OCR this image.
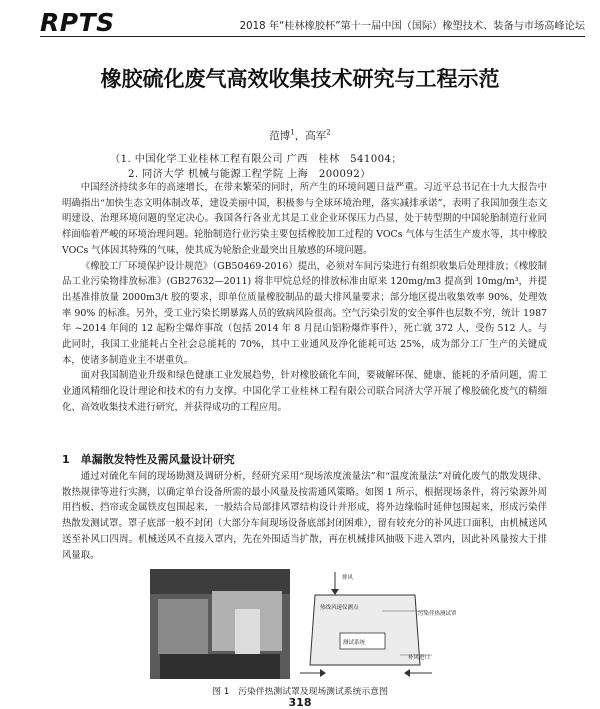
RPTS	2018 年“桂林橡胶杯”第十一届中国（国际）橡塑技术、装备与市场高峰论坛
橡胶硫化废气高效收集技术研究与工程示范
范博$^1$，高军$^2$
（1. 中国化学工业桂林工程有限公司 广西　桂林　541004；
2. 同济大学 机械与能源工程学院 上海　200092）

中国经济持续多年的高速增长，在带来繁荣的同时，所产生的环境问题日益严重。习近平总书记在十九大报告中明确指出“加快生态文明体制改革，建设美丽中国，积极参与全球环境治理，落实减排承诺”，表明了我国加强生态文明建设、治理环境问题的坚定决心。我国各行各业尤其是工业企业环保压力凸显，处于转型期的中国轮胎制造行业同样面临着严峻的环境治理问题。轮胎制造行业污染主要包括橡胶加工过程的 VOCs 气体与生活生产废水等，其中橡胶 VOCs 气体因其特殊的气味，使其成为轮胎企业最突出且敏感的环境问题。

《橡胶工厂环境保护设计规范》（GB50469-2016）提出，必须对车间污染进行有组织收集后处理排放；《橡胶制品工业污染物排放标准》(GB27632—2011) 将非甲烷总烃的排放标准由原来 120mg/m3 提高到 10mg/m³，并提出基准排放量 2000m3/t 胶的要求，即单位质量橡胶制品的最大排风量要求；部分地区提出收集效率 90%、处理效率 90% 的标准。另外，受工业污染长期暴露人员的致病风险很高。空气污染引发的安全事件也层数不穷，统计 1987 年 ~2014 年间的 12 起粉尘爆炸事故（包括 2014 年 8 月昆山铝粉爆炸事件），死亡就 372 人，受伤 512 人。与此同时，我国工业能耗占全社会总能耗的 70%，其中工业通风及净化能耗可达 25%，成为部分工厂生产的关键成本，使诸多制造业主不堪重负。

面对我国制造业升级和绿色健康工业发展趋势，针对橡胶硫化车间，要破解环保、健康、能耗的矛盾问题，需工业通风精细化设计理论和技术的有力支撑。中国化学工业桂林工程有限公司联合同济大学开展了橡胶硫化废气的精细化、高效收集技术进行研究，并获得成功的工程应用。

1　单漏散发特性及需风量设计研究

通过对硫化车间的现场勘测及调研分析，经研究采用“现场浓度流量法”和“温度流量法”对硫化废气的散发规律、散热规律等进行实测，以确定单台设备所需的最小风量及按需通风策略。如图 1 所示，根据现场条件，将污染源外周用挡板、挡帘或金属铁皮包围起来，一般结合局部排风罩结构设计并形成，将外边缘临时延伸包围起来，形成污染伴热散发测试罩。罩子底部一般不封闭（大部分车间现场设备底部封闭困难），留有较充分的补风进口面积，由机械送风送至补风口四周。机械送风不直接入罩内，先在外围适当扩散，再在机械排风抽吸下进入罩内，因此补风量按大于排风量取。

热线风速仪测点
排风
污染伴热测试罩
补风进口
测试系统
图 1　污染伴热测试罩及现场测试系统示意图
318
